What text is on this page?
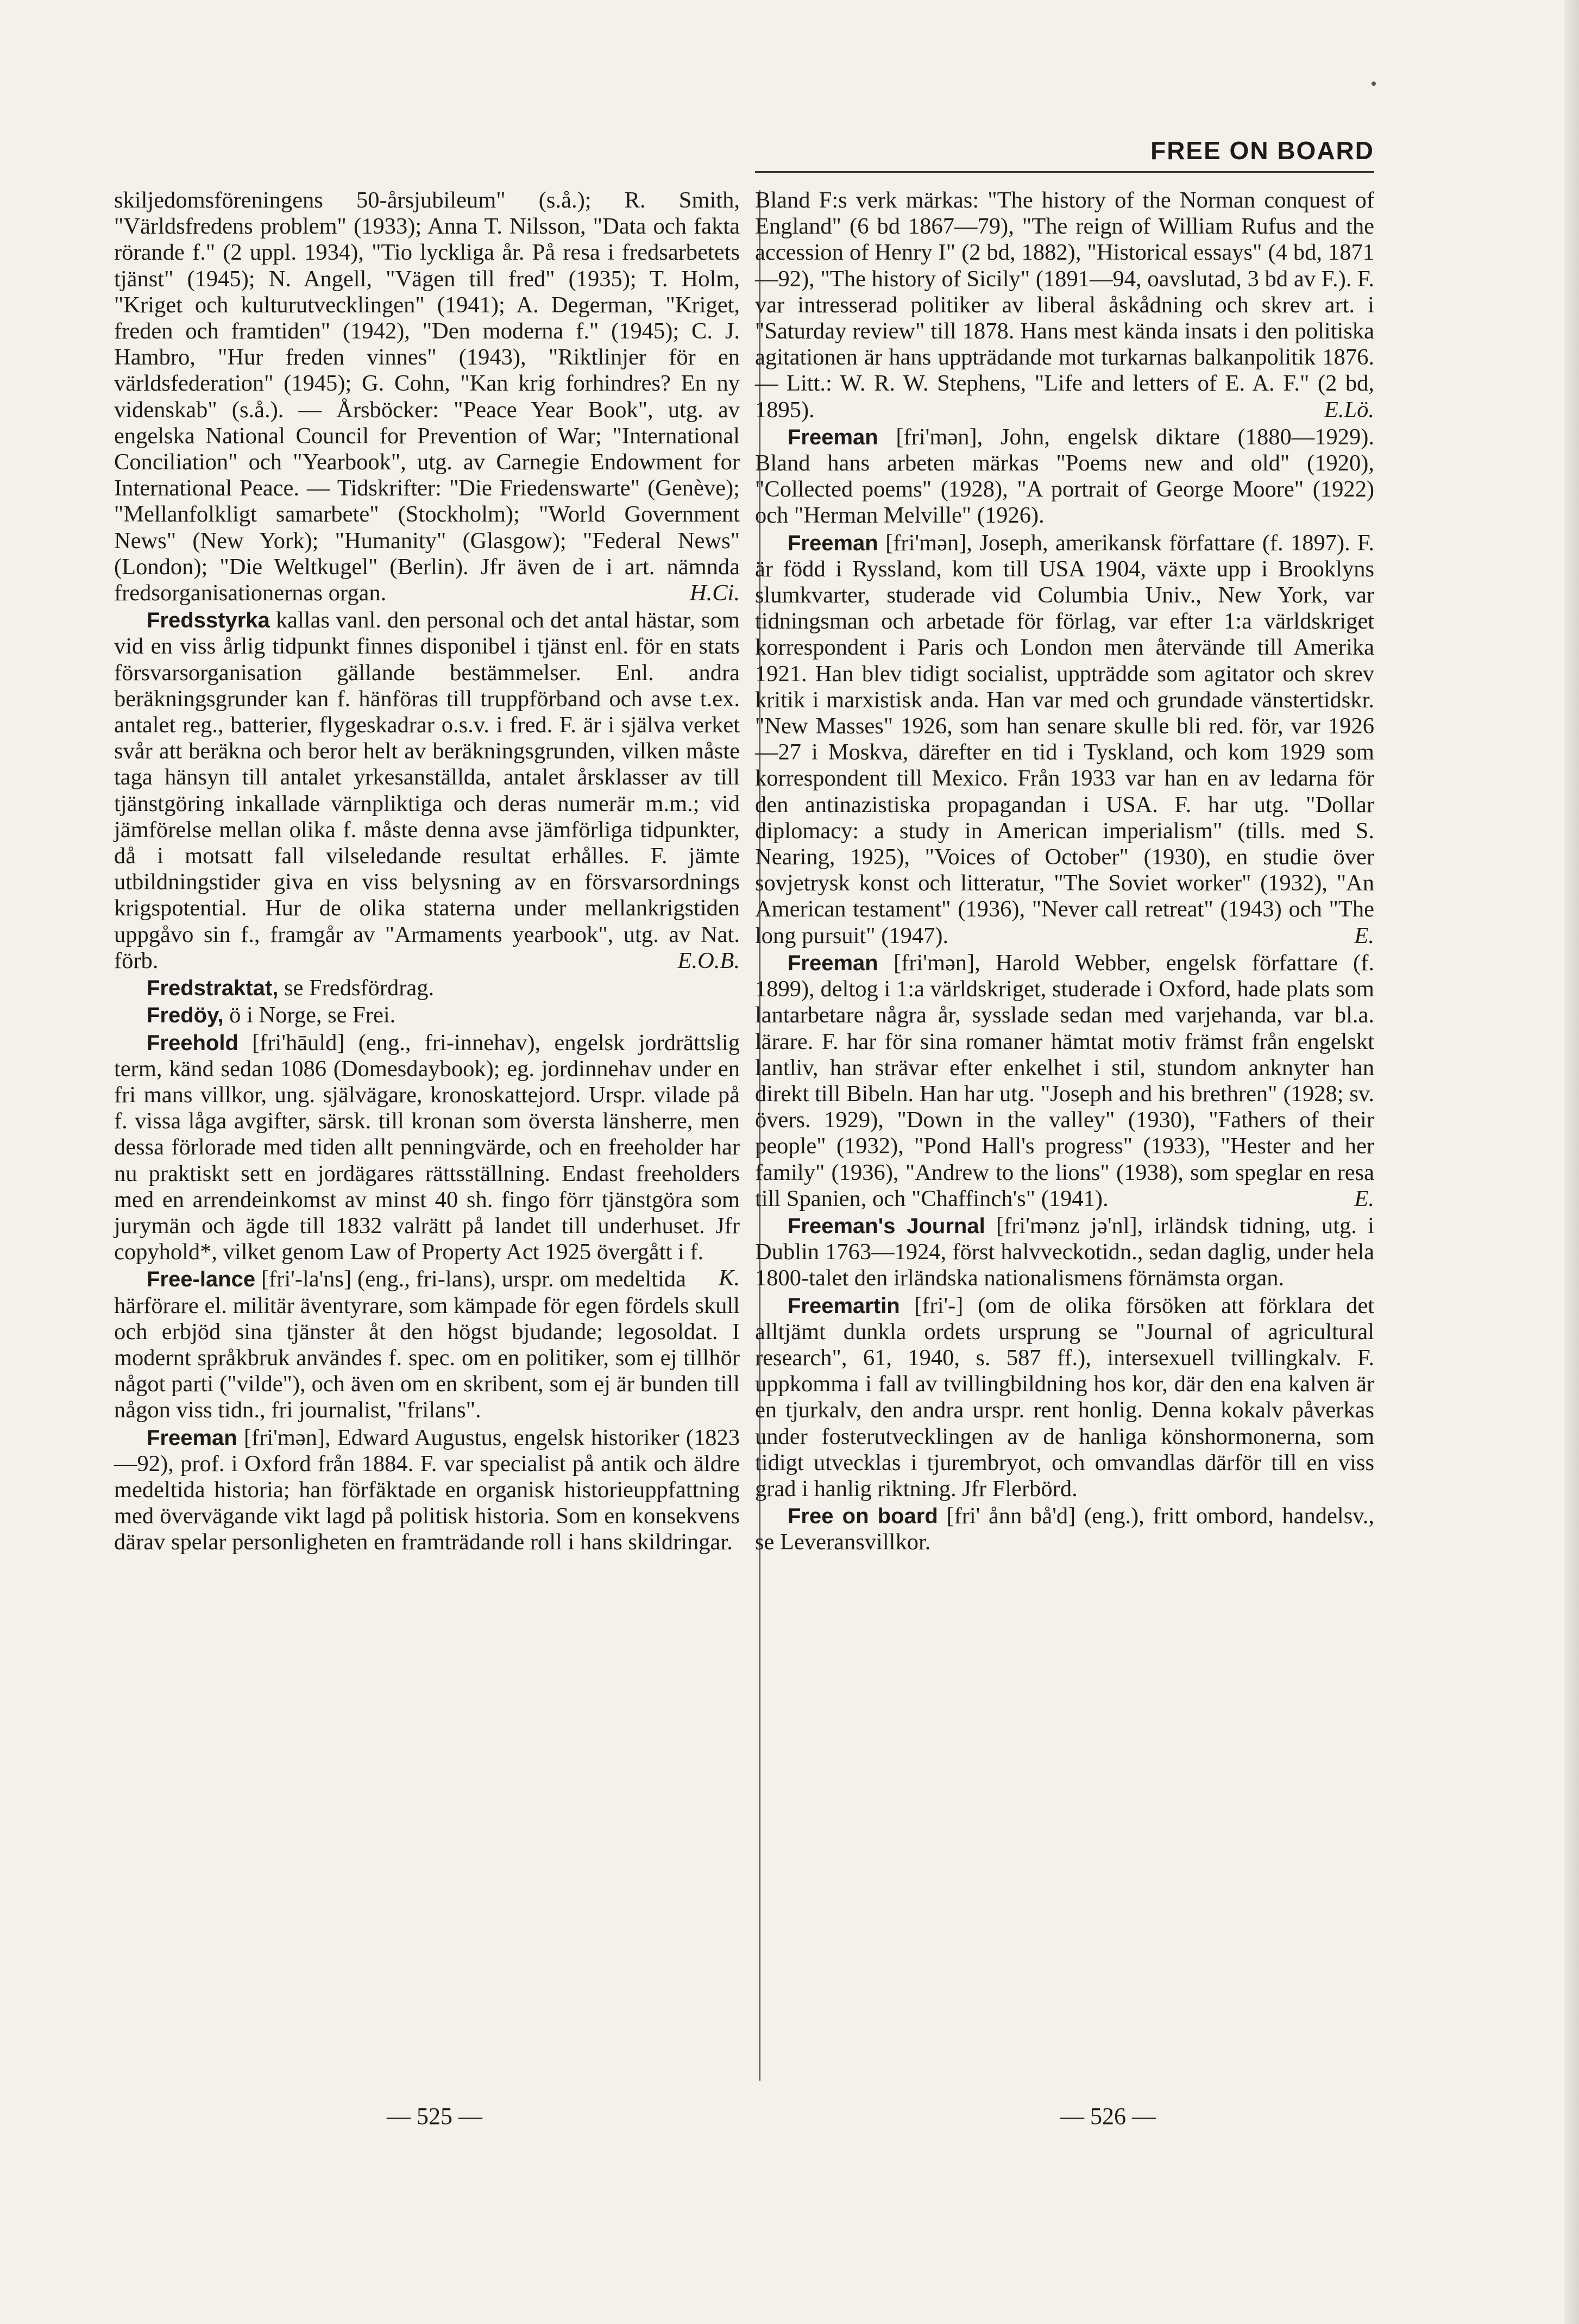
FREE ON BOARD

skiljedomsföreningens 50-årsjubileum" (s.å.); R. Smith, "Världsfredens problem" (1933); Anna T. Nilsson, "Data och fakta rörande f." (2 uppl. 1934), "Tio lyckliga år. På resa i fredsarbetets tjänst" (1945); N. Angell, "Vägen till fred" (1935); T. Holm, "Kriget och kulturutvecklingen" (1941); A. Degerman, "Kriget, freden och framtiden" (1942), "Den moderna f." (1945); C. J. Hambro, "Hur freden vinnes" (1943), "Riktlinjer för en världsfederation" (1945); G. Cohn, "Kan krig forhindres? En ny videnskab" (s.å.). — Årsböcker: "Peace Year Book", utg. av engelska National Council for Prevention of War; "International Conciliation" och "Yearbook", utg. av Carnegie Endowment for International Peace. — Tidskrifter: "Die Friedenswarte" (Genève); "Mellanfolkligt samarbete" (Stockholm); "World Government News" (New York); "Humanity" (Glasgow); "Federal News" (London); "Die Weltkugel" (Berlin). Jfr även de i art. nämnda fredsorganisationernas organ.	H.Ci.

Fredsstyrka kallas vanl. den personal och det antal hästar, som vid en viss årlig tidpunkt finnes disponibel i tjänst enl. för en stats försvarsorganisation gällande bestämmelser. Enl. andra beräkningsgrunder kan f. hänföras till truppförband och avse t.ex. antalet reg., batterier, flygeskadrar o.s.v. i fred. F. är i själva verket svår att beräkna och beror helt av beräkningsgrunden, vilken måste taga hänsyn till antalet yrkesanställda, antalet årsklasser av till tjänstgöring inkallade värnpliktiga och deras numerär m.m.; vid jämförelse mellan olika f. måste denna avse jämförliga tidpunkter, då i motsatt fall vilseledande resultat erhålles. F. jämte utbildningstider giva en viss belysning av en försvarsordnings krigspotential. Hur de olika staterna under mellankrigstiden uppgåvo sin f., framgår av "Armaments yearbook", utg. av Nat. förb.	E.O.B.

Fredstraktat, se Fredsfördrag.

Fredöy, ö i Norge, se Frei.

Freehold [fri'hāuld] (eng., fri-innehav), engelsk jordrättslig term, känd sedan 1086 (Domesdaybook); eg. jordinnehav under en fri mans villkor, ung. självägare, kronoskattejord. Urspr. vilade på f. vissa låga avgifter, särsk. till kronan som översta länsherre, men dessa förlorade med tiden allt penningvärde, och en freeholder har nu praktiskt sett en jordägares rättsställning. Endast freeholders med en arrendeinkomst av minst 40 sh. fingo förr tjänstgöra som jurymän och ägde till 1832 valrätt på landet till underhuset. Jfr copyhold*, vilket genom Law of Property Act 1925 övergått i f.
K.

Free-lance [fri'-la'ns] (eng., fri-lans), urspr. om medeltida härförare el. militär äventyrare, som kämpade för egen fördels skull och erbjöd sina tjänster åt den högst bjudande; legosoldat. I modernt språkbruk användes f. spec. om en politiker, som ej tillhör något parti ("vilde"), och även om en skribent, som ej är bunden till någon viss tidn., fri journalist, "frilans".

Freeman [fri'mən], Edward Augustus, engelsk historiker (1823—92), prof. i Oxford från 1884. F. var specialist på antik och äldre medeltida historia; han förfäktade en organisk historieuppfattning med övervägande vikt lagd på politisk historia. Som en konsekvens därav spelar personligheten en framträdande roll i hans skildringar.

Bland F:s verk märkas: "The history of the Norman conquest of England" (6 bd 1867—79), "The reign of William Rufus and the accession of Henry I" (2 bd, 1882), "Historical essays" (4 bd, 1871—92), "The history of Sicily" (1891—94, oavslutad, 3 bd av F.). F. var intresserad politiker av liberal åskådning och skrev art. i "Saturday review" till 1878. Hans mest kända insats i den politiska agitationen är hans uppträdande mot turkarnas balkanpolitik 1876. — Litt.: W. R. W. Stephens, "Life and letters of E. A. F." (2 bd, 1895).	E.Lö.

Freeman [fri'mən], John, engelsk diktare (1880—1929). Bland hans arbeten märkas "Poems new and old" (1920), "Collected poems" (1928), "A portrait of George Moore" (1922) och "Herman Melville" (1926).

Freeman [fri'mən], Joseph, amerikansk författare (f. 1897). F. är född i Ryssland, kom till USA 1904, växte upp i Brooklyns slumkvarter, studerade vid Columbia Univ., New York, var tidningsman och arbetade för förlag, var efter 1:a världskriget korrespondent i Paris och London men återvände till Amerika 1921. Han blev tidigt socialist, uppträdde som agitator och skrev kritik i marxistisk anda. Han var med och grundade vänstertidskr. "New Masses" 1926, som han senare skulle bli red. för, var 1926—27 i Moskva, därefter en tid i Tyskland, och kom 1929 som korrespondent till Mexico. Från 1933 var han en av ledarna för den antinazistiska propagandan i USA. F. har utg. "Dollar diplomacy: a study in American imperialism" (tills. med S. Nearing, 1925), "Voices of October" (1930), en studie över sovjetrysk konst och litteratur, "The Soviet worker" (1932), "An American testament" (1936), "Never call retreat" (1943) och "The long pursuit" (1947).	E.

Freeman [fri'mən], Harold Webber, engelsk författare (f. 1899), deltog i 1:a världskriget, studerade i Oxford, hade plats som lantarbetare några år, sysslade sedan med varjehanda, var bl.a. lärare. F. har för sina romaner hämtat motiv främst från engelskt lantliv, han strävar efter enkelhet i stil, stundom anknyter han direkt till Bibeln. Han har utg. "Joseph and his brethren" (1928; sv. övers. 1929), "Down in the valley" (1930), "Fathers of their people" (1932), "Pond Hall's progress" (1933), "Hester and her family" (1936), "Andrew to the lions" (1938), som speglar en resa till Spanien, och "Chaffinch's" (1941).	E.

Freeman's Journal [fri'mənz jə'nl], irländsk tidning, utg. i Dublin 1763—1924, först halvveckotidn., sedan daglig, under hela 1800-talet den irländska nationalismens förnämsta organ.

Freemartin [fri'-] (om de olika försöken att förklara det alltjämt dunkla ordets ursprung se "Journal of agricultural research", 61, 1940, s. 587 ff.), intersexuell tvillingkalv. F. uppkomma i fall av tvillingbildning hos kor, där den ena kalven är en tjurkalv, den andra urspr. rent honlig. Denna kokalv påverkas under fosterutvecklingen av de hanliga könshormonerna, som tidigt utvecklas i tjurembryot, och omvandlas därför till en viss grad i hanlig riktning. Jfr Flerbörd.

Free on board [fri' ånn bå'd] (eng.), fritt ombord, handelsv., se Leveransvillkor.

— 525 —	— 526 —
